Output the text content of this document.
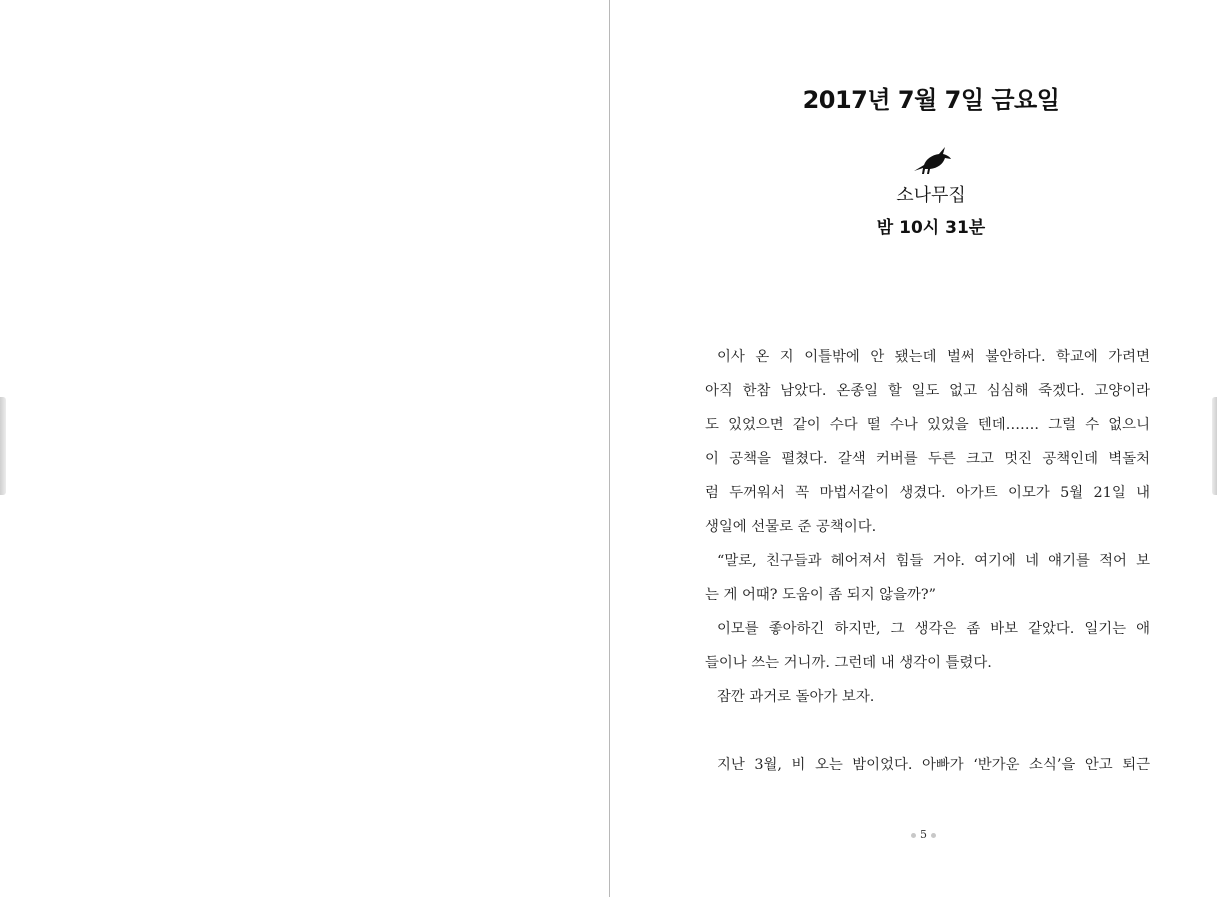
2017년 7월 7일 금요일
소나무집
밤 10시 31분
이사 온 지 이틀밖에 안 됐는데 벌써 불안하다. 학교에 가려면
아직 한참 남았다. 온종일 할 일도 없고 심심해 죽겠다. 고양이라
도 있었으면 같이 수다 떨 수나 있었을 텐데……. 그럴 수 없으니
이 공책을 펼쳤다. 갈색 커버를 두른 크고 멋진 공책인데 벽돌처
럼 두꺼워서 꼭 마법서같이 생겼다. 아가트 이모가 5월 21일 내
생일에 선물로 준 공책이다.
“말로, 친구들과 헤어져서 힘들 거야. 여기에 네 얘기를 적어 보
는 게 어때? 도움이 좀 되지 않을까?”
이모를 좋아하긴 하지만, 그 생각은 좀 바보 같았다. 일기는 애
들이나 쓰는 거니까. 그런데 내 생각이 틀렸다.
잠깐 과거로 돌아가 보자.
지난 3월, 비 오는 밤이었다. 아빠가 ‘반가운 소식’을 안고 퇴근
5
